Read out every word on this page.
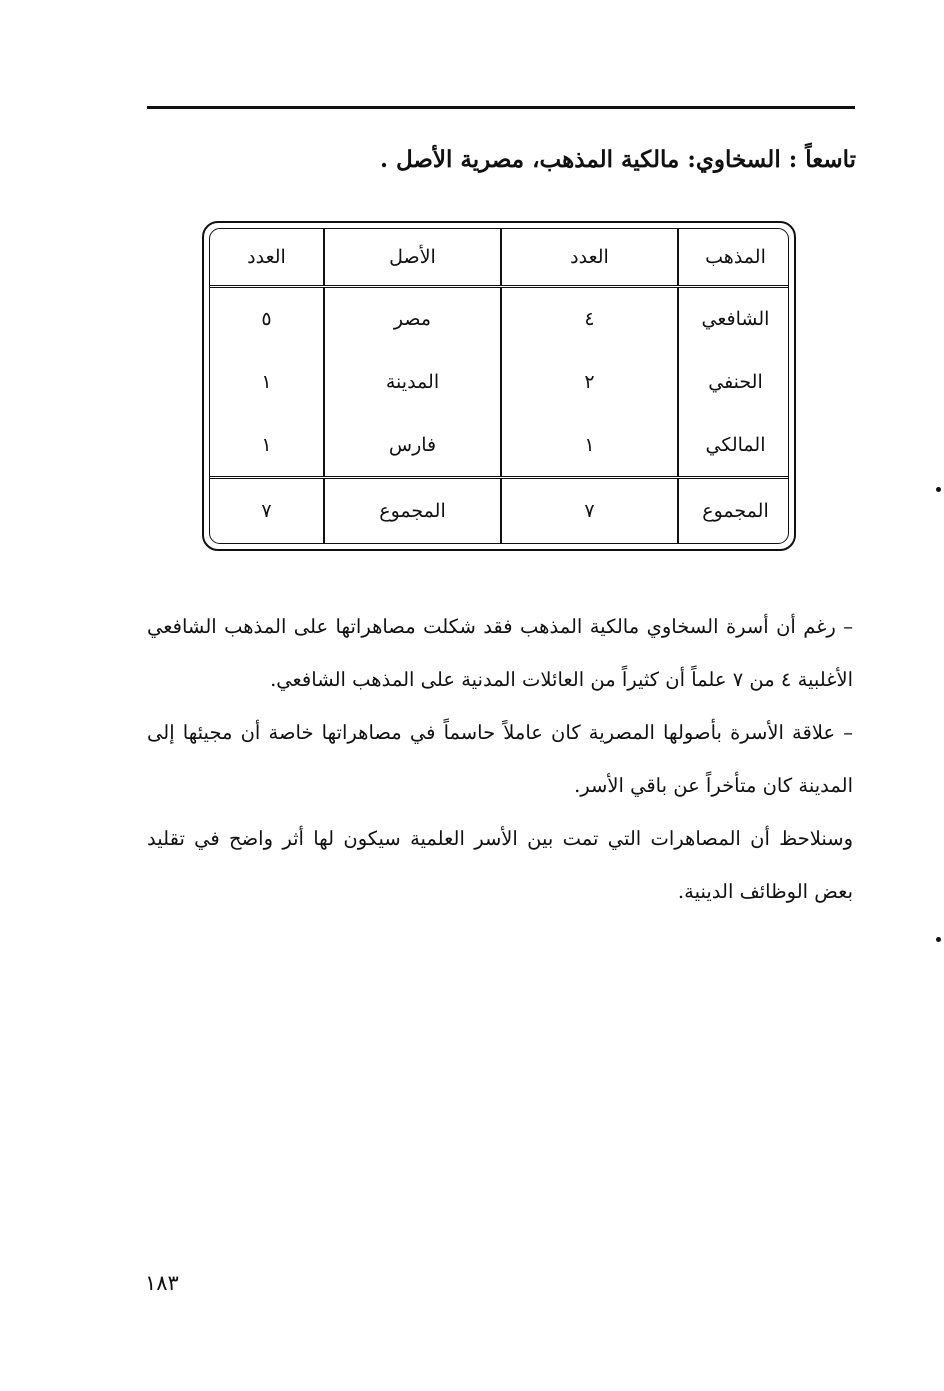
تاسعاً : السخاوي: مالكية المذهب، مصرية الأصل .
المذهب	العدد	الأصل	العدد
الشافعي	٤	مصر	٥
الحنفي	٢	المدينة	١
المالكي	١	فارس	١
المجموع	٧	المجموع	٧

– رغم أن أسرة السخاوي مالكية المذهب فقد شكلت مصاهراتها على المذهب الشافعي الأغلبية ٤ من ٧ علماً أن كثيراً من العائلات المدنية على المذهب الشافعي.

– علاقة الأسرة بأصولها المصرية كان عاملاً حاسماً في مصاهراتها خاصة أن مجيئها إلى المدينة كان متأخراً عن باقي الأسر.

وسنلاحظ أن المصاهرات التي تمت بين الأسر العلمية سيكون لها أثر واضح في تقليد بعض الوظائف الدينية.

١٨٣
